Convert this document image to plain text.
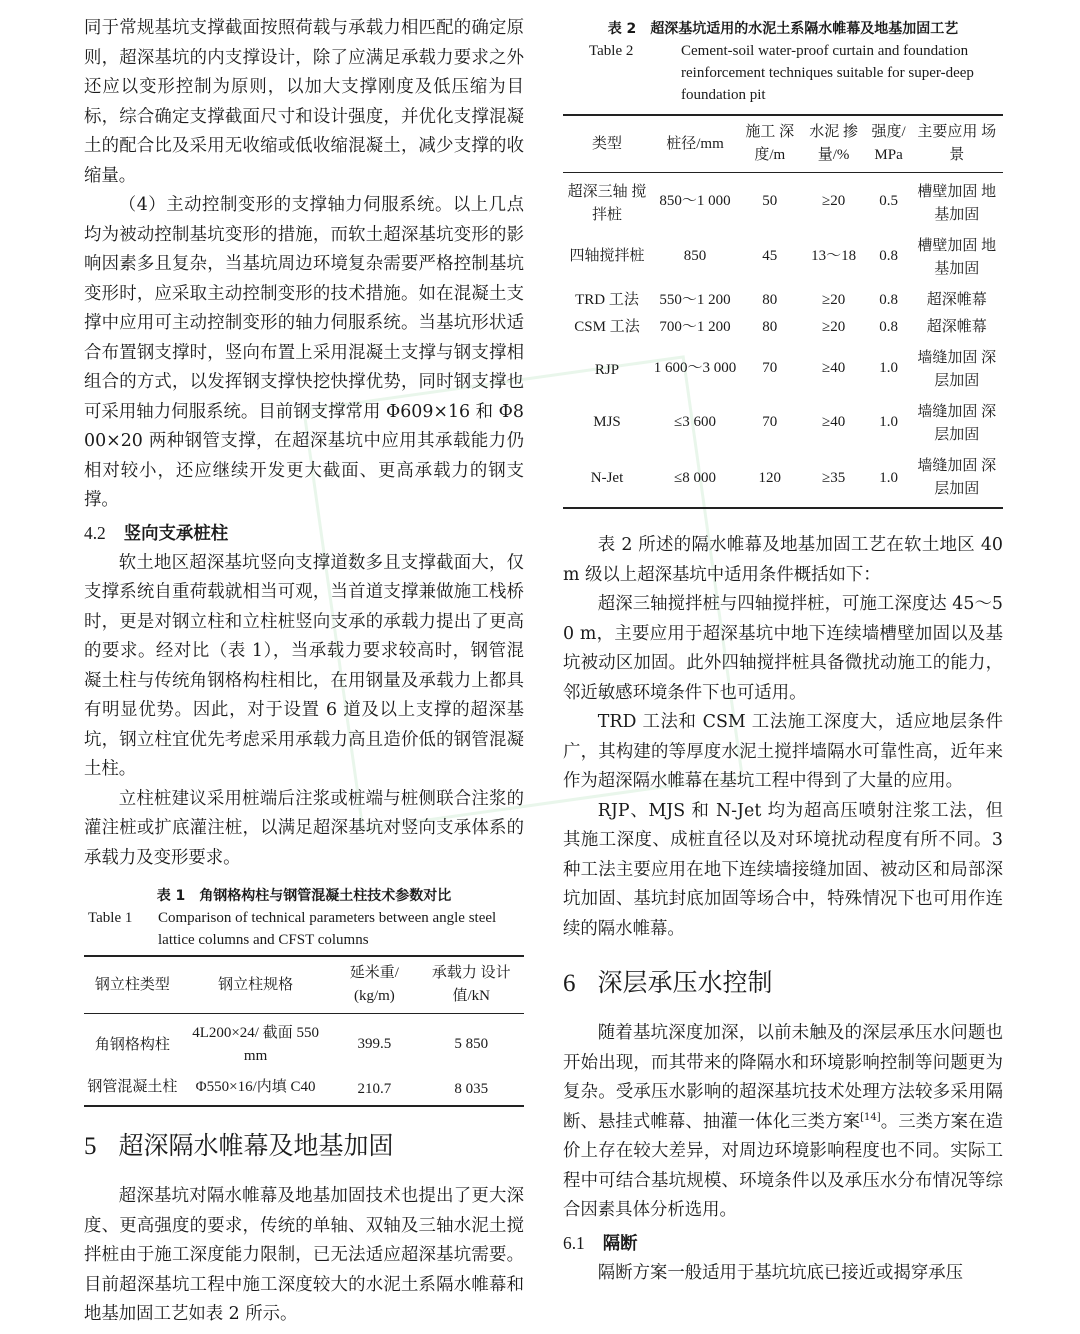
同于常规基坑支撑截面按照荷载与承载力相匹配的确定原则，超深基坑的内支撑设计，除了应满足承载力要求之外还应以变形控制为原则，以加大支撑刚度及低压缩为目标，综合确定支撑截面尺寸和设计强度，并优化支撑混凝土的配合比及采用无收缩或低收缩混凝土，减少支撑的收缩量。

（4）主动控制变形的支撑轴力伺服系统。以上几点均为被动控制基坑变形的措施，而软土超深基坑变形的影响因素多且复杂，当基坑周边环境复杂需要严格控制基坑变形时，应采取主动控制变形的技术措施。如在混凝土支撑中应用可主动控制变形的轴力伺服系统。当基坑形状适合布置钢支撑时，竖向布置上采用混凝土支撑与钢支撑相组合的方式，以发挥钢支撑快挖快撑优势，同时钢支撑也可采用轴力伺服系统。目前钢支撑常用 Φ609×16 和 Φ800×20 两种钢管支撑，在超深基坑中应用其承载能力仍相对较小，还应继续开发更大截面、更高承载力的钢支撑。

4.2 竖向支承桩柱

软土地区超深基坑竖向支撑道数多且支撑截面大，仅支撑系统自重荷载就相当可观，当首道支撑兼做施工栈桥时，更是对钢立柱和立柱桩竖向支承的承载力提出了更高的要求。经对比（表 1），当承载力要求较高时，钢管混凝土柱与传统角钢格构柱相比，在用钢量及承载力上都具有明显优势。因此，对于设置 6 道及以上支撑的超深基坑，钢立柱宜优先考虑采用承载力高且造价低的钢管混凝土柱。

立柱桩建议采用桩端后注浆或桩端与桩侧联合注浆的灌注桩或扩底灌注桩，以满足超深基坑对竖向支承体系的承载力及变形要求。

表 1 角钢格构柱与钢管混凝土柱技术参数对比
Table 1	Comparison of technical parameters between angle steel lattice columns and CFST columns
钢立柱类型	钢立柱规格	延米重/ (kg/m)	承载力 设计值/kN
角钢格构柱	4L200×24/ 截面 550 mm	399.5	5 850
钢管混凝土柱	Φ550×16/内填 C40	210.7	8 035
5 超深隔水帷幕及地基加固

超深基坑对隔水帷幕及地基加固技术也提出了更大深度、更高强度的要求，传统的单轴、双轴及三轴水泥土搅拌桩由于施工深度能力限制，已无法适应超深基坑需要。目前超深基坑工程中施工深度较大的水泥土系隔水帷幕和地基加固工艺如表 2 所示。

表 2 超深基坑适用的水泥土系隔水帷幕及地基加固工艺
Table 2	Cement-soil water-proof curtain and foundation reinforcement techniques suitable for super-deep foundation pit
类型	桩径/mm	施工 深度/m	水泥 掺量/%	强度/ MPa	主要应用 场景
超深三轴 搅拌桩	850～1 000	50	≥20	0.5	槽壁加固 地基加固
四轴搅拌桩	850	45	13～18	0.8	槽壁加固 地基加固
TRD 工法	550～1 200	80	≥20	0.8	超深帷幕
CSM 工法	700～1 200	80	≥20	0.8	超深帷幕
RJP	1 600～3 000	70	≥40	1.0	墙缝加固 深层加固
MJS	≤3 600	70	≥40	1.0	墙缝加固 深层加固
N-Jet	≤8 000	120	≥35	1.0	墙缝加固 深层加固

表 2 所述的隔水帷幕及地基加固工艺在软土地区 40 m 级以上超深基坑中适用条件概括如下：

超深三轴搅拌桩与四轴搅拌桩，可施工深度达 45～50 m，主要应用于超深基坑中地下连续墙槽壁加固以及基坑被动区加固。此外四轴搅拌桩具备微扰动施工的能力，邻近敏感环境条件下也可适用。

TRD 工法和 CSM 工法施工深度大，适应地层条件广，其构建的等厚度水泥土搅拌墙隔水可靠性高，近年来作为超深隔水帷幕在基坑工程中得到了大量的应用。

RJP、MJS 和 N-Jet 均为超高压喷射注浆工法，但其施工深度、成桩直径以及对环境扰动程度有所不同。3 种工法主要应用在地下连续墙接缝加固、被动区和局部深坑加固、基坑封底加固等场合中，特殊情况下也可用作连续的隔水帷幕。

6 深层承压水控制

随着基坑深度加深，以前未触及的深层承压水问题也开始出现，而其带来的降隔水和环境影响控制等问题更为复杂。受承压水影响的超深基坑技术处理方法较多采用隔断、悬挂式帷幕、抽灌一体化三类方案[14]。三类方案在造价上存在较大差异，对周边环境影响程度也不同。实际工程中可结合基坑规模、环境条件以及承压水分布情况等综合因素具体分析选用。

6.1 隔断

隔断方案一般适用于基坑坑底已接近或揭穿承压
